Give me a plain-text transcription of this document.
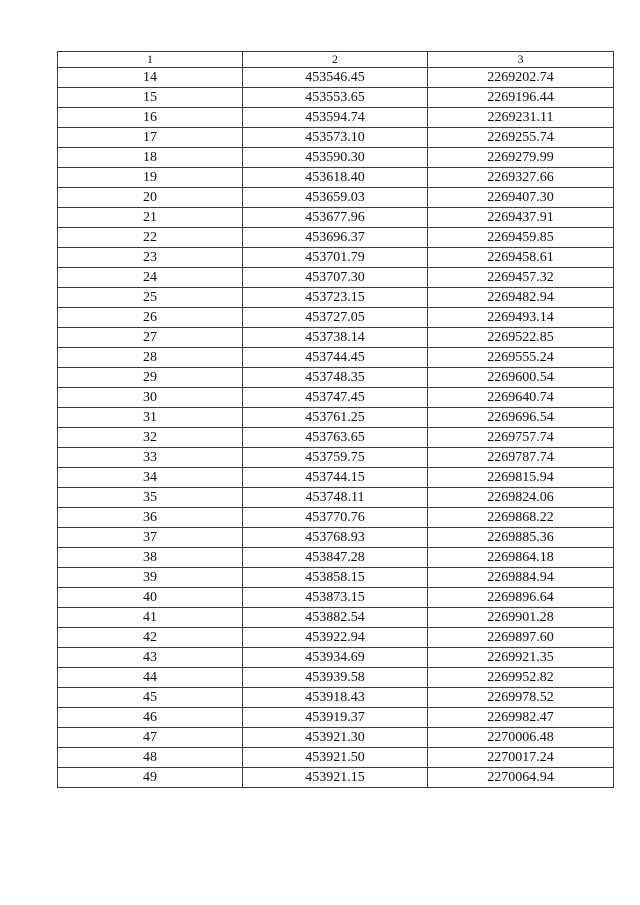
1	2	3
14	453546.45	2269202.74
15	453553.65	2269196.44
16	453594.74	2269231.11
17	453573.10	2269255.74
18	453590.30	2269279.99
19	453618.40	2269327.66
20	453659.03	2269407.30
21	453677.96	2269437.91
22	453696.37	2269459.85
23	453701.79	2269458.61
24	453707.30	2269457.32
25	453723.15	2269482.94
26	453727.05	2269493.14
27	453738.14	2269522.85
28	453744.45	2269555.24
29	453748.35	2269600.54
30	453747.45	2269640.74
31	453761.25	2269696.54
32	453763.65	2269757.74
33	453759.75	2269787.74
34	453744.15	2269815.94
35	453748.11	2269824.06
36	453770.76	2269868.22
37	453768.93	2269885.36
38	453847.28	2269864.18
39	453858.15	2269884.94
40	453873.15	2269896.64
41	453882.54	2269901.28
42	453922.94	2269897.60
43	453934.69	2269921.35
44	453939.58	2269952.82
45	453918.43	2269978.52
46	453919.37	2269982.47
47	453921.30	2270006.48
48	453921.50	2270017.24
49	453921.15	2270064.94
